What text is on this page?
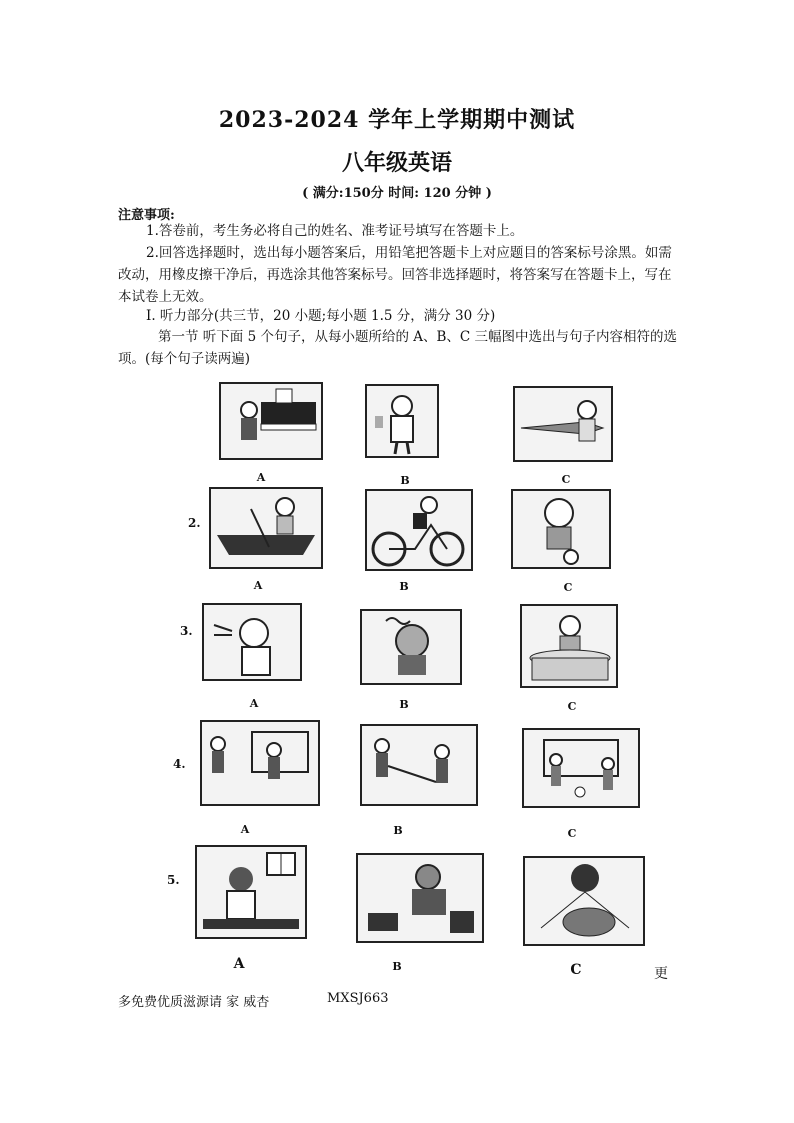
2023-2024 学年上学期期中测试
八年级英语
( 满分:150分 时间: 120 分钟 )
注意事项:
1.答卷前，考生务必将自己的姓名、准考证号填写在答题卡上。
2.回答选择题时，选出每小题答案后，用铅笔把答题卡上对应题目的答案标号涂黑。如需改动，用橡皮擦干净后，再选涂其他答案标号。回答非选择题时，将答案写在答题卡上，写在本试卷上无效。
I. 听力部分(共三节，20 小题;每小题 1.5 分，满分 30 分)
第一节 听下面 5 个句子，从每小题所给的 A、B、C 三幅图中选出与句子内容相符的选项。(每个句子读两遍)
A	B	C
2.
A	B	C
3.
A	B	C
4.
A	B	C
5.
A	B	C	更
多免费优质滋源请 家 威杏	MXSJ663
